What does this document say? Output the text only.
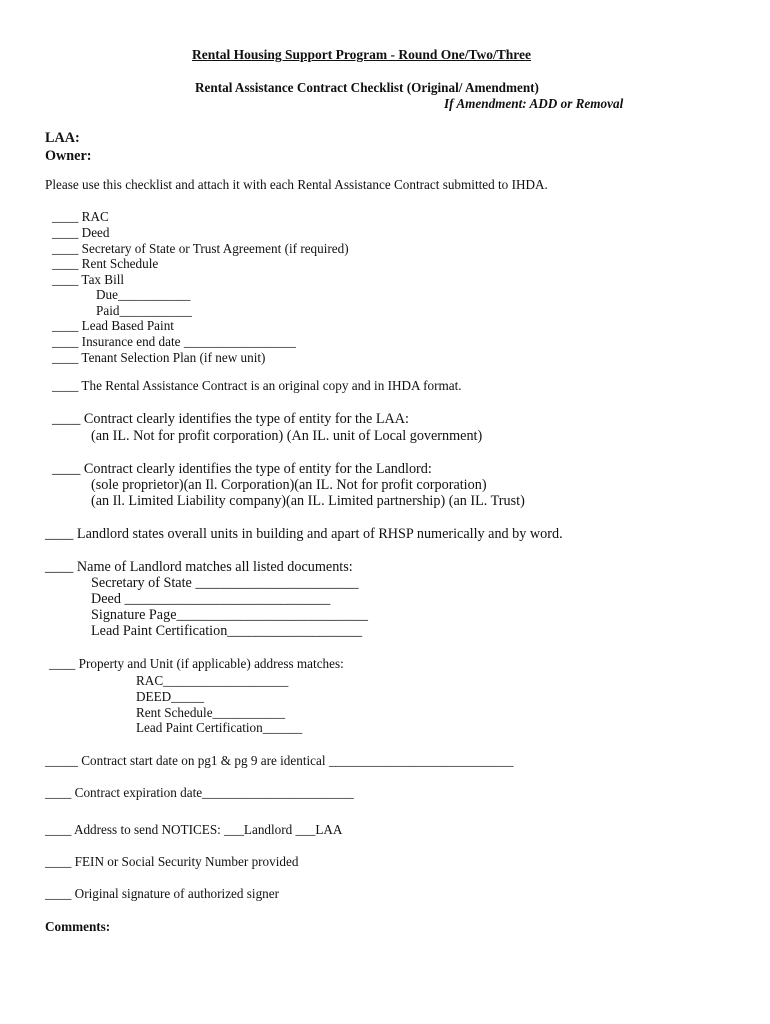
Rental Housing Support Program - Round One/Two/Three
Rental Assistance Contract Checklist (Original/ Amendment)
If Amendment: ADD or Removal
LAA:
Owner:
Please use this checklist and attach it with each Rental Assistance Contract submitted to IHDA.
____ RAC
____ Deed
____ Secretary of State or Trust Agreement (if required)
____ Rent Schedule
____ Tax Bill
Due___________
Paid___________
____ Lead Based Paint
____ Insurance end date _________________
____ Tenant Selection Plan (if new unit)
____ The Rental Assistance Contract is an original copy and in IHDA format.
____ Contract clearly identifies the type of entity for the LAA:
(an IL. Not for profit corporation) (An IL. unit of Local government)
____ Contract clearly identifies the type of entity for the Landlord:
(sole proprietor)(an Il. Corporation)(an IL. Not for profit corporation)
(an Il. Limited Liability company)(an IL. Limited partnership) (an IL. Trust)
____ Landlord states overall units in building and apart of RHSP numerically and by word.
____ Name of Landlord matches all listed documents:
Secretary of State _______________________
Deed _____________________________
Signature Page___________________________
Lead Paint Certification___________________
____ Property and Unit (if applicable) address matches:
RAC___________________
DEED_____
Rent Schedule___________
Lead Paint Certification______
_____ Contract start date on pg1 & pg 9 are identical ____________________________
____ Contract expiration date_______________________
____ Address to send NOTICES: ___Landlord ___LAA
____ FEIN or Social Security Number provided
____ Original signature of authorized signer
Comments:
